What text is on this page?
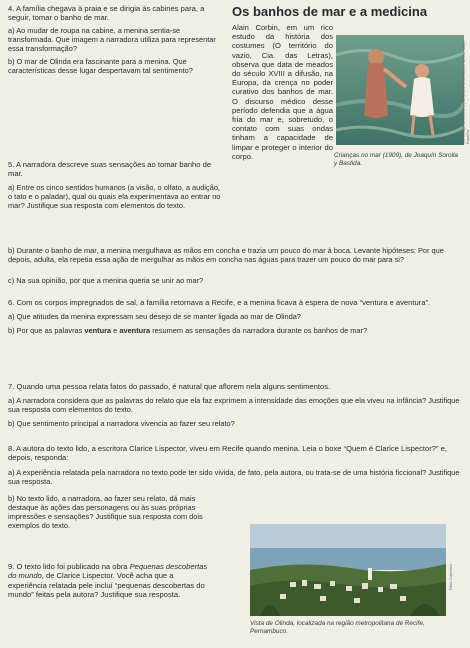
4. A família chegava à praia e se dirigia às cabines para, a seguir, tomar o banho de mar.
a) Ao mudar de roupa na cabine, a menina sentia-se transformada. Que imagem a narradora utiliza para representar essa transformação?
b) O mar de Olinda era fascinante para a menina. Que características desse lugar despertavam tal sentimento?
5. A narradora descreve suas sensações ao tomar banho de mar.
a) Entre os cinco sentidos humanos (a visão, o olfato, a audição, o tato e o paladar), qual ou quais ela experimentava ao entrar no mar? Justifique sua resposta com elementos do texto.
Os banhos de mar e a medicina
Alain Corbin, em um rico estudo da história dos costumes (O território do vazio, Cia. das Letras), observa que data de meados do século XVIII a difusão, na Europa, da crença no poder curativo dos banhos de mar. O discurso médico desse período defendia que a água fria do mar e, sobretudo, o contato com suas ondas tinham a capacidade de limpar e proteger o interior do corpo.	Crianças no mar (1909), de Joaquín Sorolla y Bastida.
The Bridgeman Art Library/Keystone Brasil/Museo Sorolla, Madri, Espanha
b) Durante o banho de mar, a menina mergulhava as mãos em concha e trazia um pouco do mar à boca. Levante hipóteses: Por que depois, adulta, ela repetia essa ação de mergulhar as mãos em concha nas águas para trazer um pouco do mar para si?
c) Na sua opinião, por que a menina queria se unir ao mar?
6. Com os corpos impregnados de sal, a família retornava a Recife, e a menina ficava à espera de nova “ventura e aventura”.
a) Que atitudes da menina expressam seu desejo de se manter ligada ao mar de Olinda?
b) Por que as palavras ventura e aventura resumem as sensações da narradora durante os banhos de mar?
7. Quando uma pessoa relata fatos do passado, é natural que aflorem nela alguns sentimentos.
a) A narradora considera que as palavras do relato que ela faz exprimem a intensidade das emoções que ela viveu na infância? Justifique sua resposta com elementos do texto.
b) Que sentimento principal a narradora vivencia ao fazer seu relato?
8. A autora do texto lido, a escritora Clarice Lispector, viveu em Recife quando menina. Leia o boxe “Quem é Clarice Lispector?” e, depois, responda:
a) A experiência relatada pela narradora no texto pode ter sido vivida, de fato, pela autora, ou trata-se de uma história ficcional? Justifique sua resposta.
b) No texto lido, a narradora, ao fazer seu relato, dá mais destaque às ações das personagens ou às suas próprias impressões e sensações? Justifique sua resposta com dois exemplos do texto.
9. O texto lido foi publicado na obra Pequenas descobertas do mundo, de Clarice Lispector. Você acha que a experiência relatada pele incluí “pequenas descobertas do mundo” feitas pela autora? Justifique sua resposta.
Fábio Colombini
Vista de Olinda, localizada na região metropolitana de Recife, Pernambuco.
